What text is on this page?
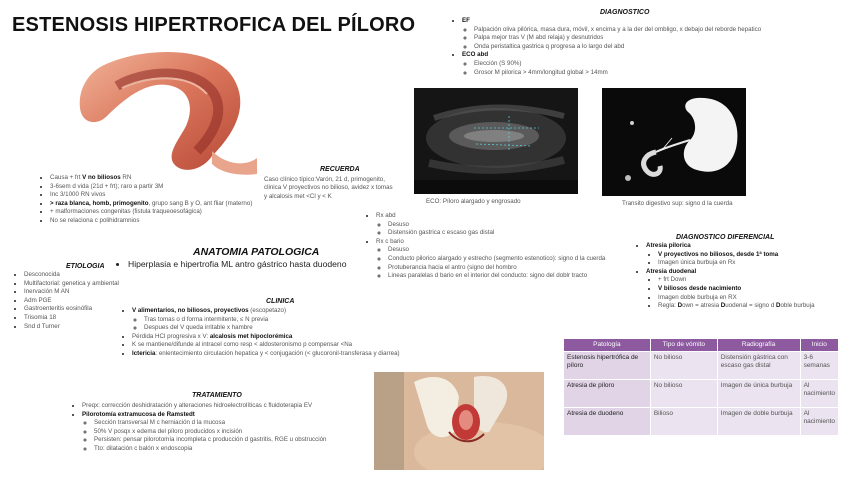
ESTENOSIS HIPERTROFICA DEL PÍLORO
▪ Causa + frt V no biliosos RN
▪ 3-6sem d vida (21d + frt); raro a partir 3M
▪ Inc 3/1000 RN vivos
▪ > raza blanca, homb, primogenito, grupo sang B y O, ant fliar (materno)
▪ + malformaciones congenitas (fistula traqueoesofágica)
▪ No se relaciona c polihidramnios
RECUERDA
Caso clínico típico:Varón, 21 d, primogenito, clinica V proyectivos no bilioso, avidez x tomas y alcalosis met <Cl y < K
DIAGNOSTICO
▪ EF
◦ Palpación oliva pilórica, masa dura, móvil, x encima y a la der del ombligo, x debajo del reborde hepatico
◦ Palpa mejor tras V (M abd relaja) y desnutridos
◦ Onda peristaltica gastrica q progresa a lo largo del abd
▪ ECO abd
◦ Elección (S 90%)
◦ Grosor M pilorica > 4mm/longitud global > 14mm
ECO: Píloro alargado y engrosado	Transito digestivo sup: signo d la cuerda
▪ Rx abd
◦ Desuso
◦ Distensión gastrica c escaso gas distal
▪ Rx c bario
◦ Desuso
◦ Conducto pilorico alargado y estrecho (segmento estenotico): signo d la cuerda
◦ Protuberancia hacia el antro (signo del hombro
◦ Lineas paralelas d bario en el interior del conducto: signo del doblr tracto
ANATOMIA PATOLOGICA
• Hiperplasia e hipertrofia ML antro gástrico hasta duodeno
ETIOLOGIA
▪ Desconocida
▪ Multifactorial: genetica y ambiental
▪ Inervación M AN
▪ Adm PGE
▪ Gastroenteritis eosinófila
▪ Trisomia 18
▪ Snd d Turner
CLINICA
▪ V alimentarios, no biliosos, proyectivos (escopetazo)
◦ Tras tomas o d forma intermitente, ≤ N previa
◦ Despues del V queda irritable x hambre
▪ Pérdida HCl progresiva x V: alcalosis met hipoclorémica
▪ K se mantiene/difunde al intracel como resp < aldosteronismo p compensar <Na
▪ Ictericia: enlentecimiento circulación hepatica y < conjugación (< glucoronil-transferasa y diarrea)
DIAGNOSTICO DIFERENCIAL
▪ Atresia pilorica
▪ V proyectivos no biliosos, desde 1ª toma
▪ Imagen única burbuja en Rx
▪ Atresia duodenal
▪ + frt Down
▪ V biliosos desde nacimiento
▪ Imagen doble burbuja en RX
▪ Regla: Down = atresia Duodenal = signo d Doble burbuja
Patología	Tipo de vómito	Radiografía	Inicio
Estenosis hipertrófica de píloro	No bilioso	Distensión gástrica con escaso gas distal	3-6 semanas
Atresia de píloro	No bilioso	Imagen de única burbuja	Al nacimiento
Atresia de duodeno	Bilioso	Imagen de doble burbuja	Al nacimiento
TRATAMIENTO
▪ Preqx: corrección deshidratación y alteraciones hidroelectrolíticas c fluidoterapia EV
▪ Pilorotomía extramucosa de Ramstedt
◦ Sección transversal M c herniación d la mucosa
◦ 50% V posqx x edema del píloro producidos x incisión
◦ Persisten: pensar pilorotomía incompleta c producción d gastritis, RGE u obstrucción
◦ Tto: dilatación c balón x endoscopia
